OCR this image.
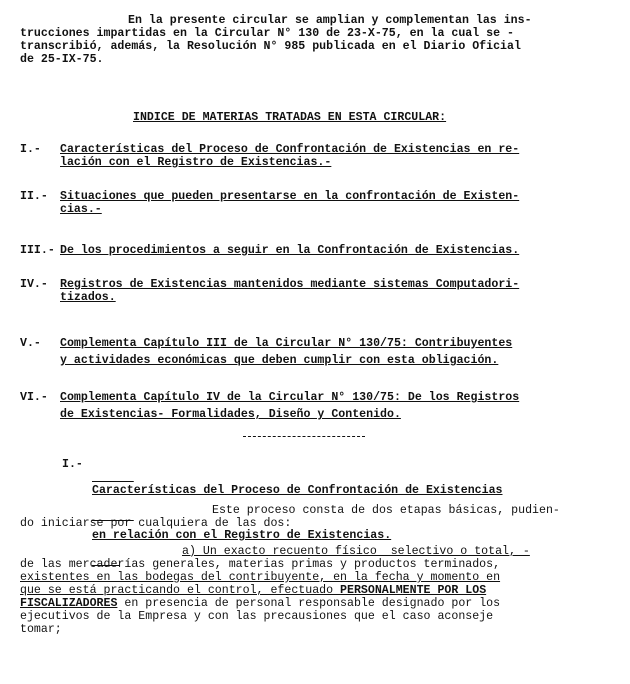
En la presente circular se amplian y complementan las ins-
trucciones impartidas en la Circular N° 130 de 23-X-75, en la cual se -
transcribió, además, la Resolución N° 985 publicada en el Diario Oficial
de 25-IX-75.
INDICE DE MATERIAS TRATADAS EN ESTA CIRCULAR:
I.-	Características del Proceso de Confrontación de Existencias en re-
lación con el Registro de Existencias.-
II.-	Situaciones que pueden presentarse en la confrontación de Existen-
cias.-
III.- De los procedimientos a seguir en la Confrontación de Existencias.
IV.-	Registros de Existencias mantenidos mediante sistemas Computadori-
tizados.
V.-	Complementa Capítulo III de la Circular N° 130/75: Contribuyentes
y actividades económicas que deben cumplir con esta obligación.
VI.-	Complementa Capítulo IV de la Circular N° 130/75: De los Registros
de Existencias- Formalidades, Diseño y Contenido.
I.-

Características del Proceso de Confrontación de Existencias

en relación con el Registro de Existencias.

Este proceso consta de dos etapas básicas, pudien-
do iniciarse por cualquiera de las dos:
a) Un exacto recuento físico  selectivo o total, -
de las mercaderías generales, materias primas y productos terminados,
existentes en las bodegas del contribuyente, en la fecha y momento en
que se está practicando el control, efectuado PERSONALMENTE POR LOS
FISCALIZADORES en presencia de personal responsable designado por los
ejecutivos de la Empresa y con las precausiones que el caso aconseje
tomar;
